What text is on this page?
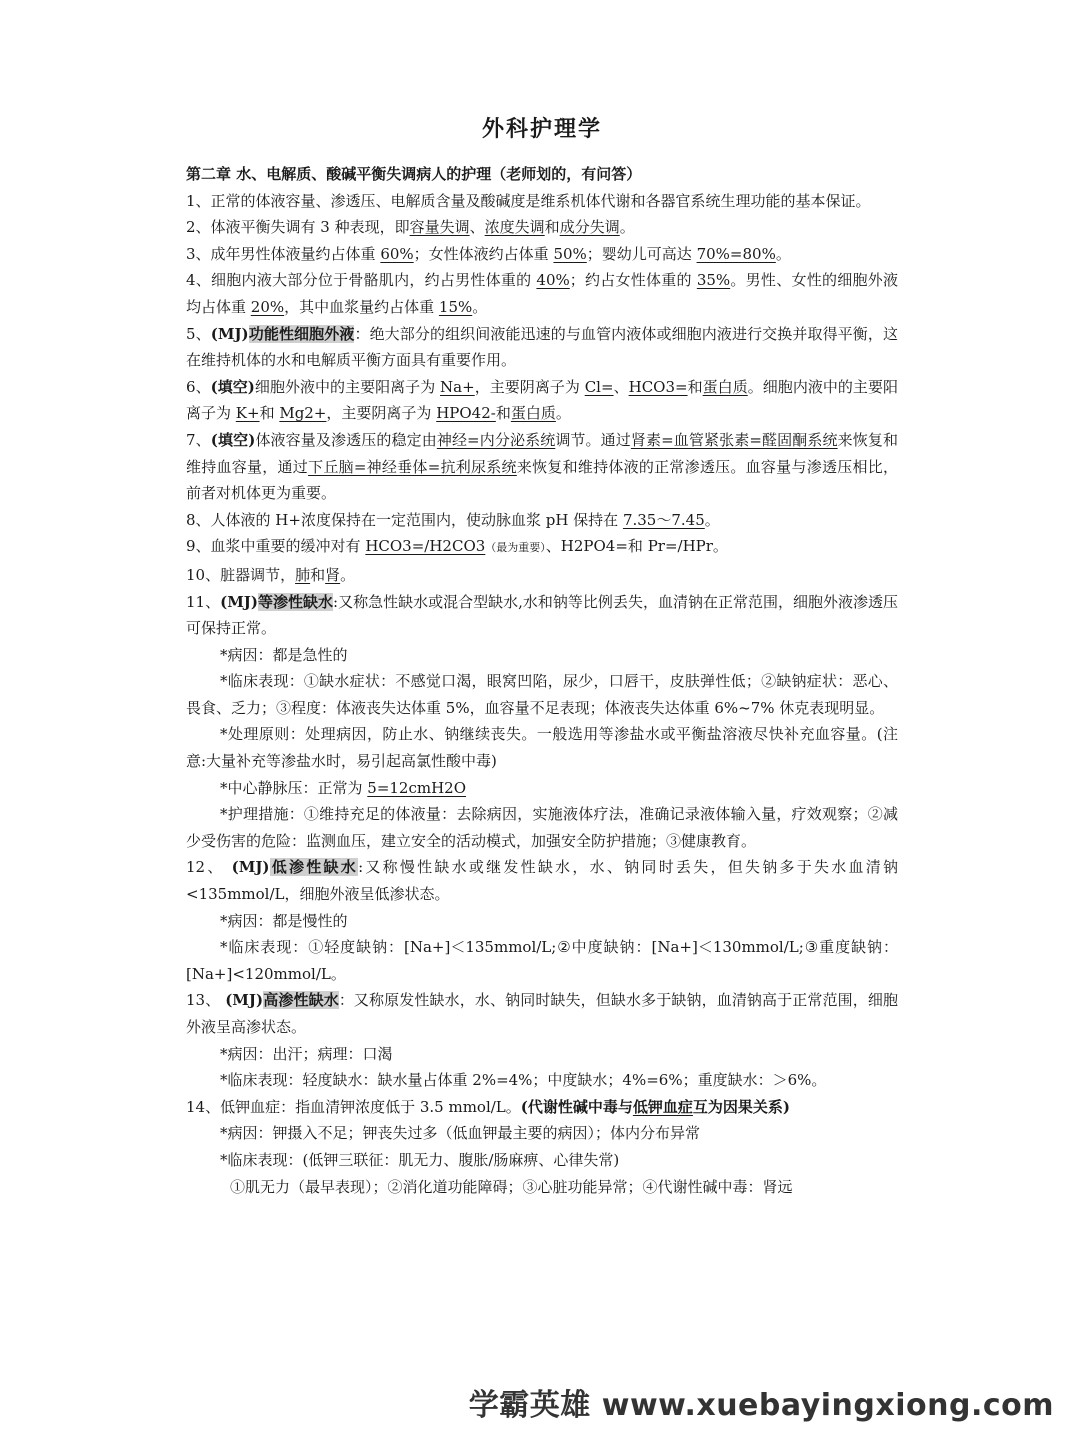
外科护理学

第二章 水、电解质、酸碱平衡失调病人的护理（老师划的，有问答）

1、正常的体液容量、渗透压、电解质含量及酸碱度是维系机体代谢和各器官系统生理功能的基本保证。

2、体液平衡失调有 3 种表现，即容量失调、浓度失调和成分失调。

3、成年男性体液量约占体重 60%；女性体液约占体重 50%；婴幼儿可高达 70%=80%。

4、细胞内液大部分位于骨骼肌内，约占男性体重的 40%；约占女性体重的 35%。男性、女性的细胞外液均占体重 20%，其中血浆量约占体重 15%。

5、(MJ)功能性细胞外液：绝大部分的组织间液能迅速的与血管内液体或细胞内液进行交换并取得平衡，这在维持机体的水和电解质平衡方面具有重要作用。

6、(填空)细胞外液中的主要阳离子为 Na+，主要阴离子为 Cl=、HCO3=和蛋白质。细胞内液中的主要阳离子为 K+和 Mg2+，主要阴离子为 HPO42-和蛋白质。

7、(填空)体液容量及渗透压的稳定由神经=内分泌系统调节。通过肾素=血管紧张素=醛固酮系统来恢复和维持血容量，通过下丘脑=神经垂体=抗利尿系统来恢复和维持体液的正常渗透压。血容量与渗透压相比，前者对机体更为重要。

8、人体液的 H+浓度保持在一定范围内，使动脉血浆 pH 保持在 7.35～7.45。

9、血浆中重要的缓冲对有 HCO3=/H2CO3（最为重要）、H2PO4=和 Pr=/HPr。

10、脏器调节，肺和肾。

11、(MJ)等渗性缺水:又称急性缺水或混合型缺水,水和钠等比例丢失，血清钠在正常范围，细胞外液渗透压可保持正常。

*病因：都是急性的

*临床表现：①缺水症状：不感觉口渴，眼窝凹陷，尿少，口唇干，皮肤弹性低；②缺钠症状：恶心、畏食、乏力；③程度：体液丧失达体重 5%，血容量不足表现；体液丧失达体重 6%~7% 休克表现明显。

*处理原则：处理病因，防止水、钠继续丧失。一般选用等渗盐水或平衡盐溶液尽快补充血容量。(注意:大量补充等渗盐水时，易引起高氯性酸中毒)

*中心静脉压：正常为 5=12cmH2O

*护理措施：①维持充足的体液量：去除病因，实施液体疗法，准确记录液体输入量，疗效观察；②减少受伤害的危险：监测血压，建立安全的活动模式，加强安全防护措施；③健康教育。

12、 (MJ)低渗性缺水:又称慢性缺水或继发性缺水，水、钠同时丢失，但失钠多于失水血清钠<135mmol/L，细胞外液呈低渗状态。

*病因：都是慢性的

*临床表现：①轻度缺钠：[Na+]＜135mmol/L;②中度缺钠：[Na+]＜130mmol/L;③重度缺钠：[Na+]<120mmol/L。

13、 (MJ)高渗性缺水：又称原发性缺水，水、钠同时缺失，但缺水多于缺钠，血清钠高于正常范围，细胞外液呈高渗状态。

*病因：出汗；病理：口渴

*临床表现：轻度缺水：缺水量占体重 2%=4%；中度缺水；4%=6%；重度缺水：＞6%。

14、低钾血症：指血清钾浓度低于 3.5 mmol/L。(代谢性碱中毒与低钾血症互为因果关系)

*病因：钾摄入不足；钾丧失过多（低血钾最主要的病因）；体内分布异常

*临床表现：(低钾三联征：肌无力、腹胀/肠麻痹、心律失常)

①肌无力（最早表现）；②消化道功能障碍；③心脏功能异常；④代谢性碱中毒：肾远

学霸英雄 www.xuebayingxiong.com
